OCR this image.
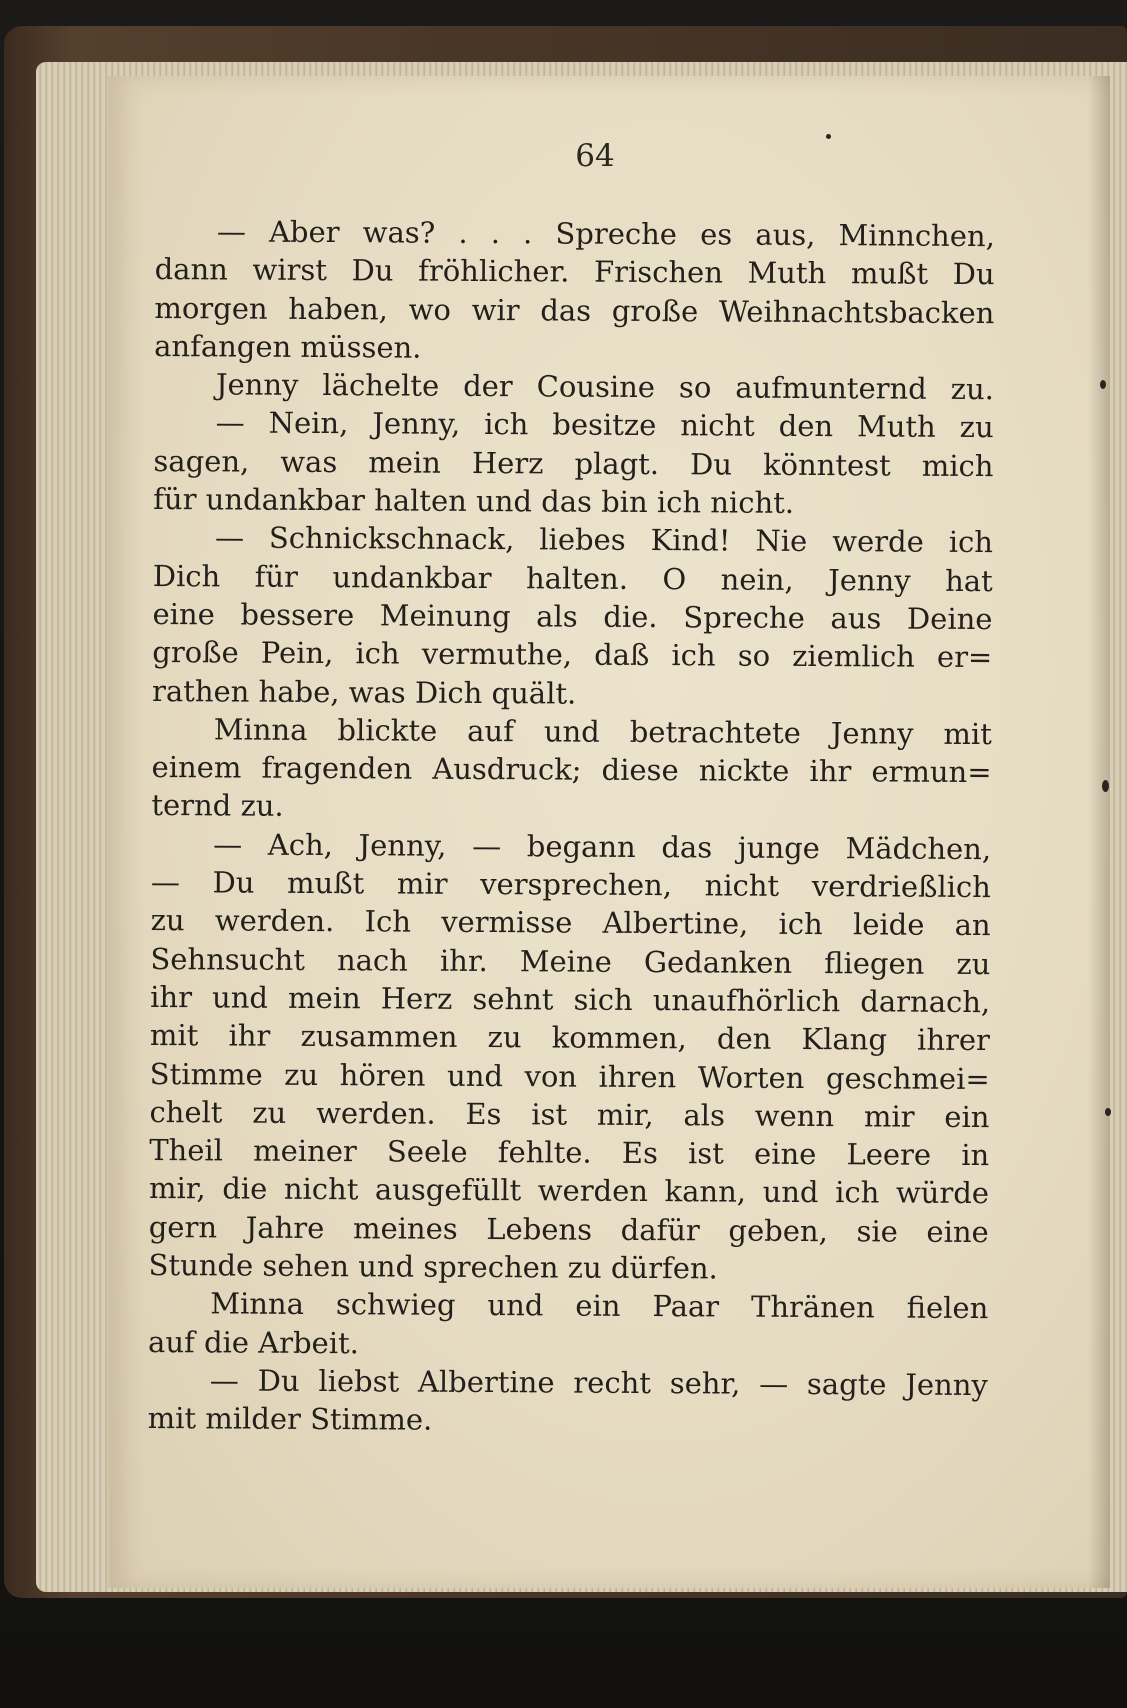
64
— Aber was? . . . Spreche es aus, Minnchen,
dann wirst Du fröhlicher. Frischen Muth mußt Du
morgen haben, wo wir das große Weihnachtsbacken
anfangen müssen.
Jenny lächelte der Cousine so aufmunternd zu.
— Nein, Jenny, ich besitze nicht den Muth zu
sagen, was mein Herz plagt. Du könntest mich
für undankbar halten und das bin ich nicht.
— Schnickschnack, liebes Kind! Nie werde ich
Dich für undankbar halten. O nein, Jenny hat
eine bessere Meinung als die. Spreche aus Deine
große Pein, ich vermuthe, daß ich so ziemlich er=
rathen habe, was Dich quält.
Minna blickte auf und betrachtete Jenny mit
einem fragenden Ausdruck; diese nickte ihr ermun=
ternd zu.
— Ach, Jenny, — begann das junge Mädchen,
— Du mußt mir versprechen, nicht verdrießlich
zu werden. Ich vermisse Albertine, ich leide an
Sehnsucht nach ihr. Meine Gedanken fliegen zu
ihr und mein Herz sehnt sich unaufhörlich darnach,
mit ihr zusammen zu kommen, den Klang ihrer
Stimme zu hören und von ihren Worten geschmei=
chelt zu werden. Es ist mir, als wenn mir ein
Theil meiner Seele fehlte. Es ist eine Leere in
mir, die nicht ausgefüllt werden kann, und ich würde
gern Jahre meines Lebens dafür geben, sie eine
Stunde sehen und sprechen zu dürfen.
Minna schwieg und ein Paar Thränen fielen
auf die Arbeit.
— Du liebst Albertine recht sehr, — sagte Jenny
mit milder Stimme.
